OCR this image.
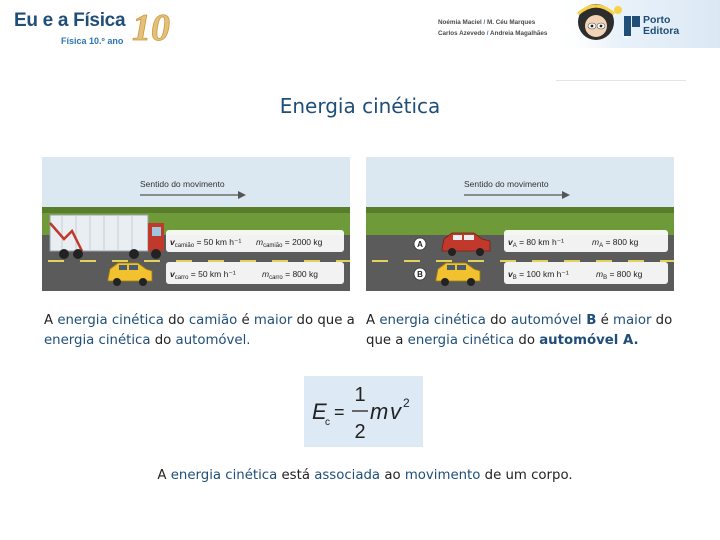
Eu e a Física 10
Física 10.º ano
Noémia Maciel / M. Céu Marques
Carlos Azevedo / Andreia Magalhães
Porto
Editora
Energia cinética
Sentido do movimento
$v_{camião} = 50$ km h⁻¹ $m_{camião} = 2000$ kg
$v_{carro} = 50$ km h⁻¹	$m_{carro} = 800$ kg
Sentido do movimento
A
B
$v_A = 80$ km h⁻¹	$m_A = 800$ kg
$v_B = 100$ km h⁻¹	$m_B = 800$ kg
A energia cinética do camião é maior do que a energia cinética do automóvel.
A energia cinética do automóvel B é maior do que a energia cinética do automóvel A.
E
c
=
1
2
m v 2
A energia cinética está associada ao movimento de um corpo.
